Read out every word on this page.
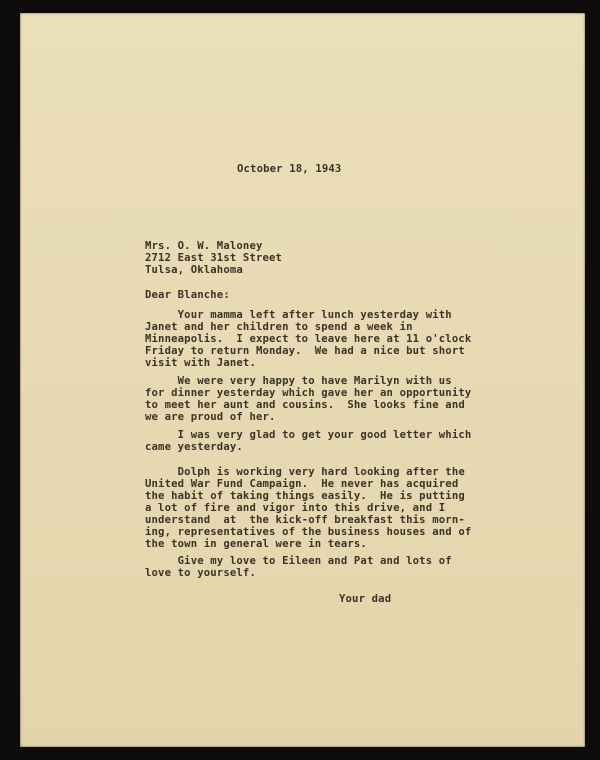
October 18, 1943

Mrs. O. W. Maloney
2712 East 31st Street
Tulsa, Oklahoma

Dear Blanche:

Your mamma left after lunch yesterday with
Janet and her children to spend a week in
Minneapolis.  I expect to leave here at 11 o'clock
Friday to return Monday.  We had a nice but short
visit with Janet.
We were very happy to have Marilyn with us
for dinner yesterday which gave her an opportunity
to meet her aunt and cousins.  She looks fine and
we are proud of her.
I was very glad to get your good letter which
came yesterday.
Dolph is working very hard looking after the
United War Fund Campaign.  He never has acquired
the habit of taking things easily.  He is putting
a lot of fire and vigor into this drive, and I
understand  at  the kick-off breakfast this morn-
ing, representatives of the business houses and of
the town in general were in tears.
Give my love to Eileen and Pat and lots of
love to yourself.

Your dad
